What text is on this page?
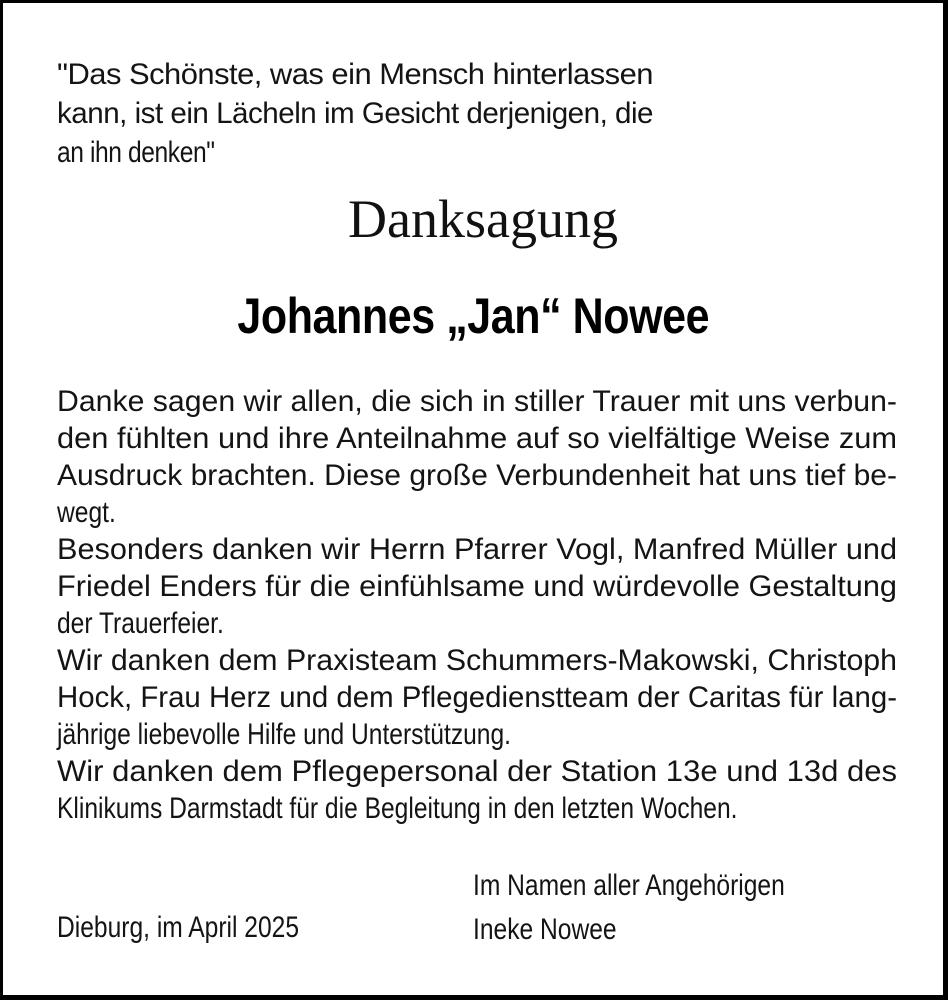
"Das Schönste, was ein Mensch hinterlassen
kann, ist ein Lächeln im Gesicht derjenigen, die
an ihn denken"
Danksagung
Johannes „Jan“ Nowee
Danke sagen wir allen, die sich in stiller Trauer mit uns verbun-
den fühlten und ihre Anteilnahme auf so vielfältige Weise zum
Ausdruck brachten. Diese große Verbundenheit hat uns tief be-
wegt.
Besonders danken wir Herrn Pfarrer Vogl, Manfred Müller und
Friedel Enders für die einfühlsame und würdevolle Gestaltung
der Trauerfeier.
Wir danken dem Praxisteam Schummers-Makowski, Christoph
Hock, Frau Herz und dem Pflegedienstteam der Caritas für lang-
jährige liebevolle Hilfe und Unterstützung.
Wir danken dem Pflegepersonal der Station 13e und 13d des
Klinikums Darmstadt für die Begleitung in den letzten Wochen.
Dieburg, im April 2025
Im Namen aller Angehörigen
Ineke Nowee
